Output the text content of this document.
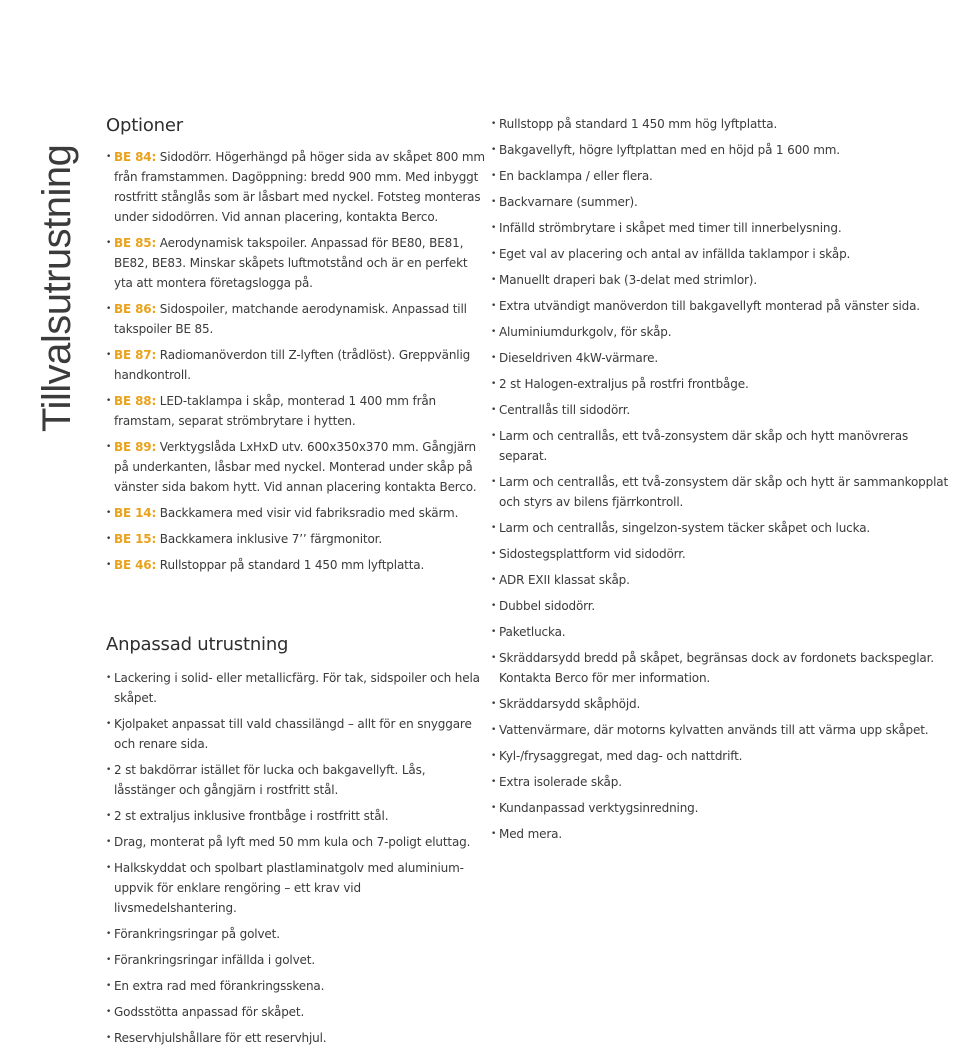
Tillvalsutrustning
Optioner
• BE 84: Sidodörr. Högerhängd på höger sida av skåpet 800 mm från framstammen. Dagöppning: bredd 900 mm. Med inbyggt rostfritt stånglås som är låsbart med nyckel. Fotsteg monteras under sidodörren. Vid annan placering, kontakta Berco.
• BE 85: Aerodynamisk takspoiler. Anpassad för BE80, BE81, BE82, BE83. Minskar skåpets luftmotstånd och är en perfekt yta att montera företagslogga på.
• BE 86: Sidospoiler, matchande aerodynamisk. Anpassad till takspoiler BE 85.
• BE 87: Radiomanöverdon till Z-lyften (trådlöst). Greppvänlig handkontroll.
• BE 88: LED-taklampa i skåp, monterad 1 400 mm från framstam, separat strömbrytare i hytten.
• BE 89: Verktygslåda LxHxD utv. 600x350x370 mm. Gångjärn på underkanten, låsbar med nyckel. Monterad under skåp på vänster sida bakom hytt. Vid annan placering kontakta Berco.
• BE 14: Backkamera med visir vid fabriksradio med skärm.
• BE 15: Backkamera inklusive 7’’ färgmonitor.
• BE 46: Rullstoppar på standard 1 450 mm lyftplatta.
Anpassad utrustning
• Lackering i solid- eller metallicfärg. För tak, sidspoiler och hela skåpet.
• Kjolpaket anpassat till vald chassilängd – allt för en snyggare och renare sida.
• 2 st bakdörrar istället för lucka och bakgavellyft. Lås, låsstänger och gångjärn i rostfritt stål.
• 2 st extraljus inklusive frontbåge i rostfritt stål.
• Drag, monterat på lyft med 50 mm kula och 7-poligt eluttag.
• Halkskyddat och spolbart plastlaminatgolv med aluminium-
uppvik för enklare rengöring – ett krav vid livsmedelshantering.
• Förankringsringar på golvet.
• Förankringsringar infällda i golvet.
• En extra rad med förankringsskena.
• Godsstötta anpassad för skåpet.
• Reservhjulshållare för ett reservhjul.
• Rullstopp på standard 1 450 mm hög lyftplatta.
• Bakgavellyft, högre lyftplattan med en höjd på 1 600 mm.
• En backlampa / eller flera.
• Backvarnare (summer).
• Infälld strömbrytare i skåpet med timer till innerbelysning.
• Eget val av placering och antal av infällda taklampor i skåp.
• Manuellt draperi bak (3-delat med strimlor).
• Extra utvändigt manöverdon till bakgavellyft monterad på vänster sida.
• Aluminiumdurkgolv, för skåp.
• Dieseldriven 4kW-värmare.
• 2 st Halogen-extraljus på rostfri frontbåge.
• Centrallås till sidodörr.
• Larm och centrallås, ett två-zonsystem där skåp och hytt manövreras separat.
• Larm och centrallås, ett två-zonsystem där skåp och hytt är sammankopplat och styrs av bilens fjärrkontroll.
• Larm och centrallås, singelzon-system täcker skåpet och lucka.
• Sidostegsplattform vid sidodörr.
• ADR EXII klassat skåp.
• Dubbel sidodörr.
• Paketlucka.
• Skräddarsydd bredd på skåpet, begränsas dock av fordonets backspeglar. Kontakta Berco för mer information.
• Skräddarsydd skåphöjd.
• Vattenvärmare, där motorns kylvatten används till att värma upp skåpet.
• Kyl-/frysaggregat, med dag- och nattdrift.
• Extra isolerade skåp.
• Kundanpassad verktygsinredning.
• Med mera.
